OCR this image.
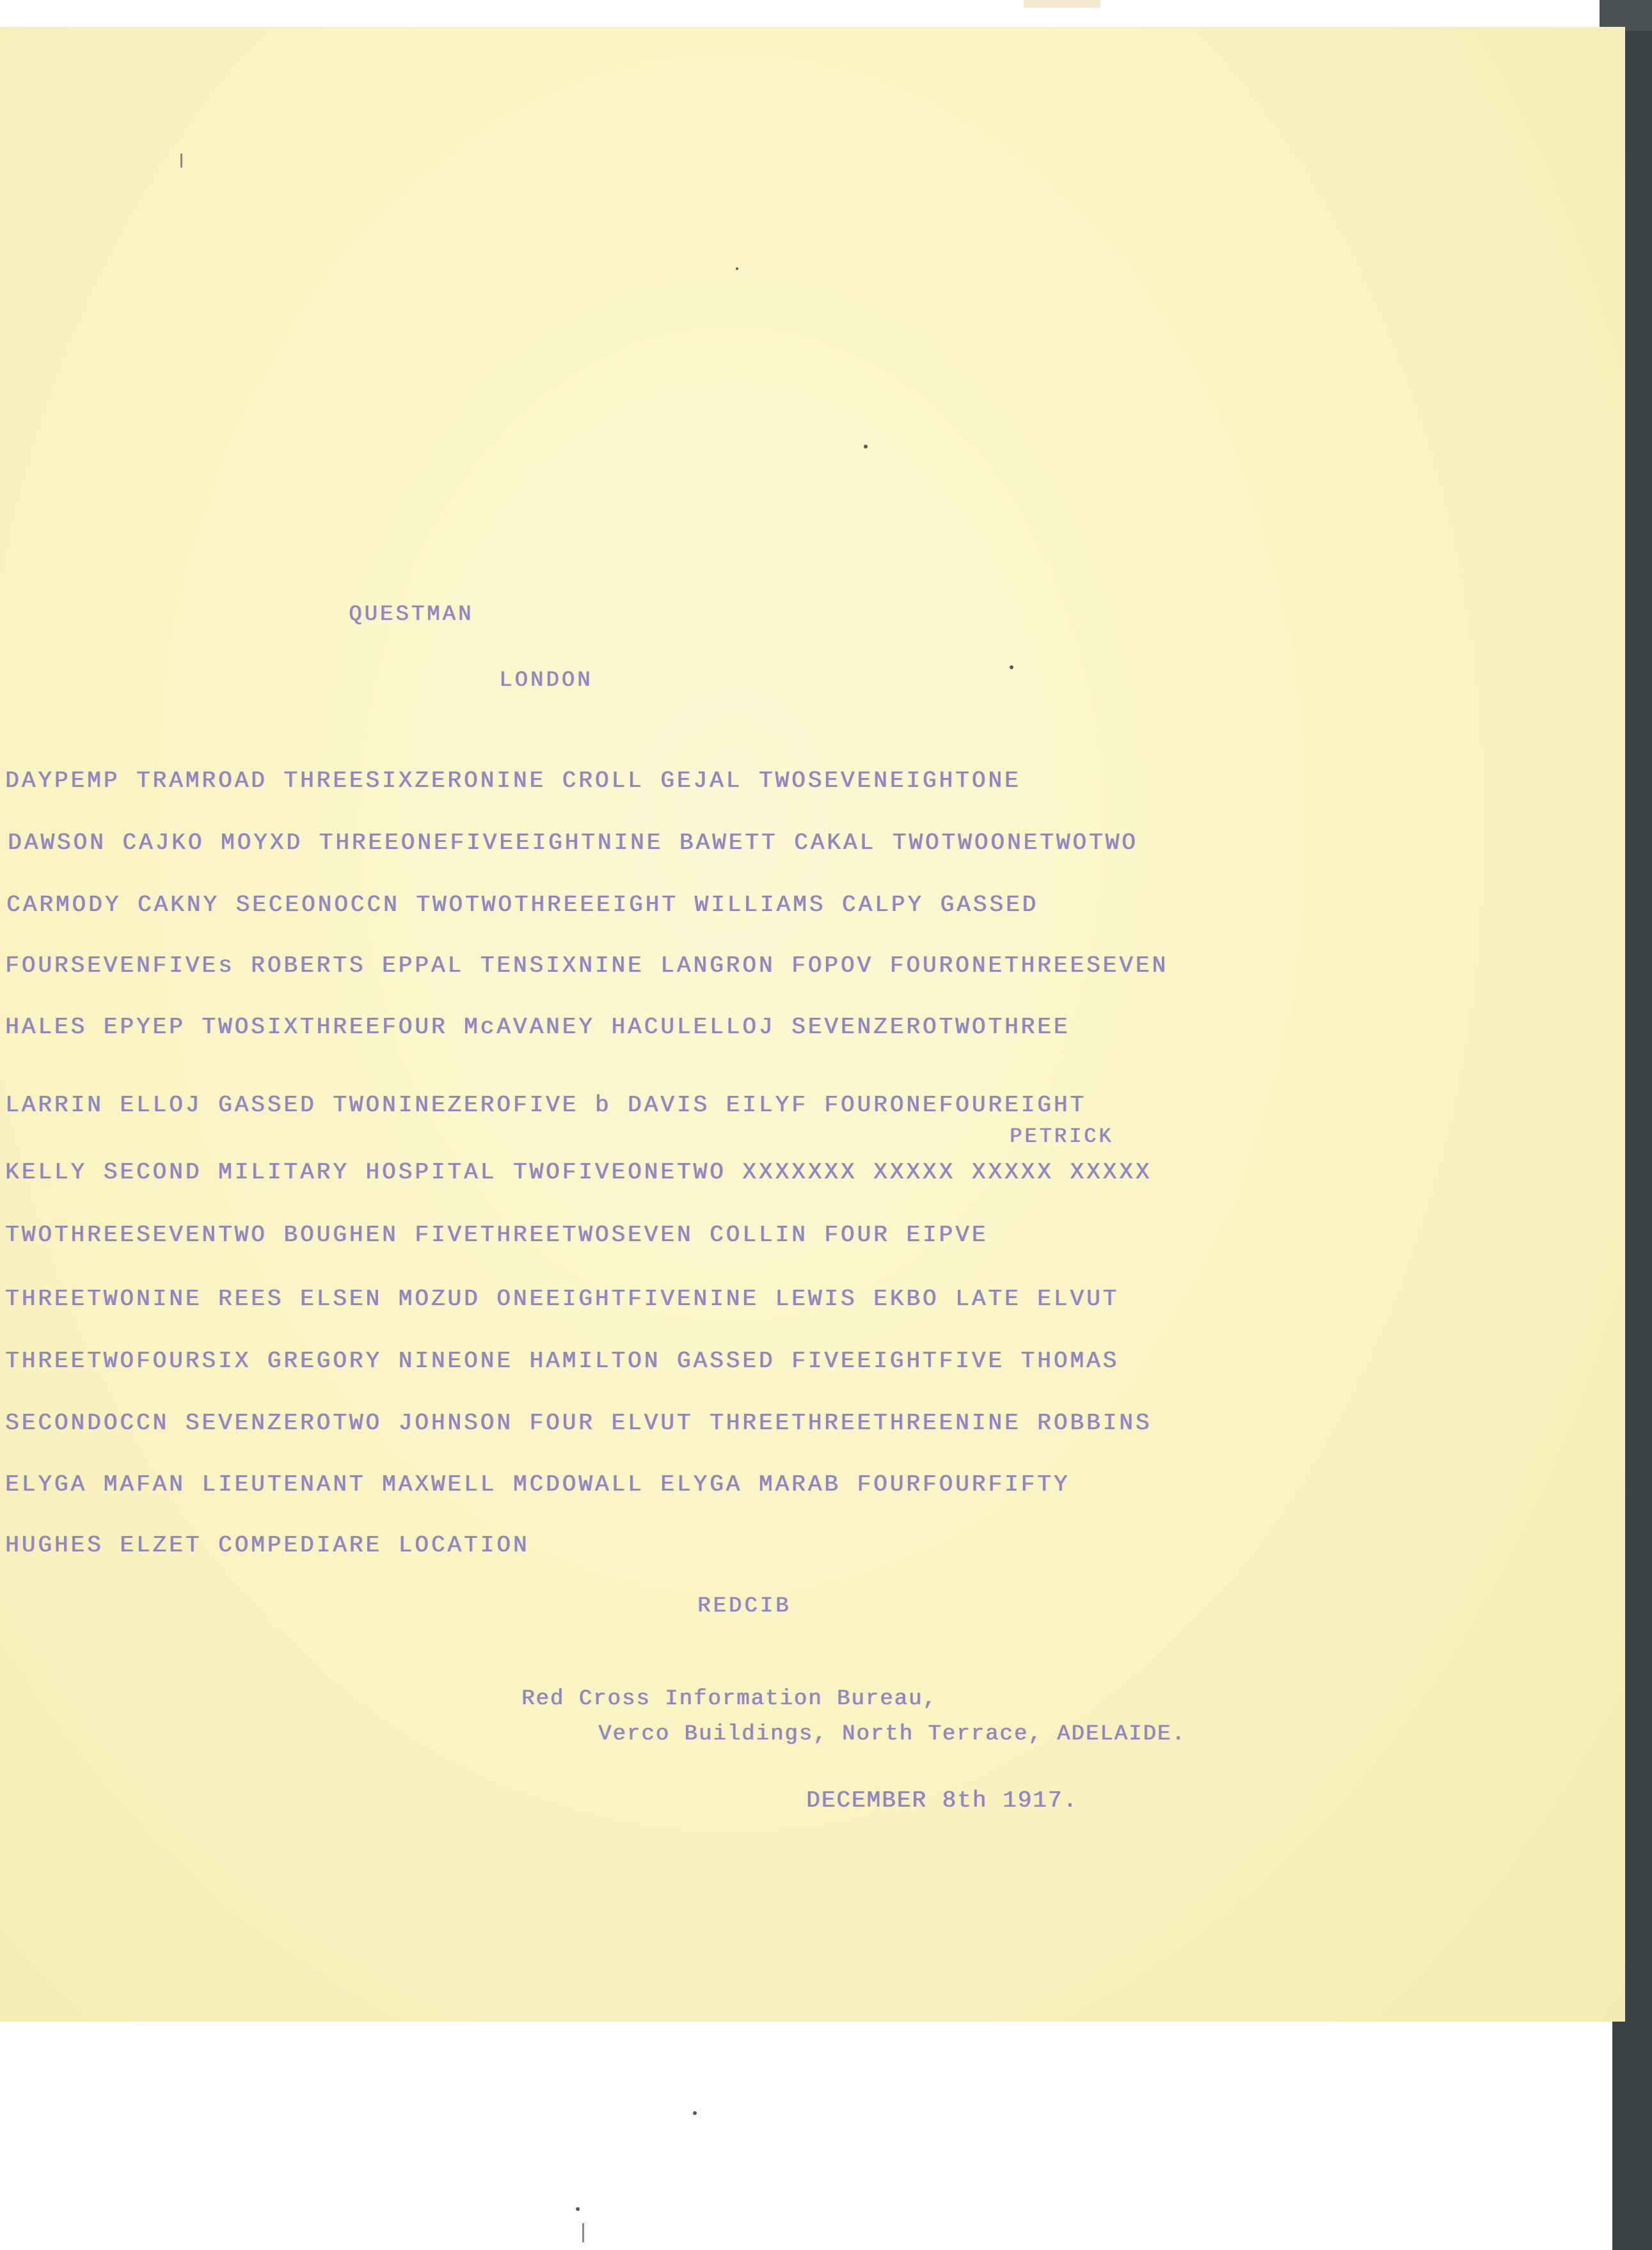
QUESTMAN
LONDON
DAYPEMP TRAMROAD THREESIXZERONINE CROLL GEJAL TWOSEVENEIGHTONE
DAWSON CAJKO MOYXD THREEONEFIVEEIGHTNINE BAWETT CAKAL TWOTWOONETWOTWO
CARMODY CAKNY SECEONOCCN TWOTWOTHREEEIGHT WILLIAMS CALPY GASSED
FOURSEVENFIVEs ROBERTS EPPAL TENSIXNINE LANGRON FOPOV FOURONETHREESEVEN
HALES EPYEP TWOSIXTHREEFOUR McAVANEY HACULELLOJ SEVENZEROTWOTHREE
LARRIN ELLOJ GASSED TWONINEZEROFIVE b DAVIS EILYF FOURONEFOUREIGHT
PETRICK
KELLY SECOND MILITARY HOSPITAL TWOFIVEONETWO XXXXXXX XXXXX XXXXX XXXXX
TWOTHREESEVENTWO BOUGHEN FIVETHREETWOSEVEN COLLIN FOUR EIPVE
THREETWONINE REES ELSEN MOZUD ONEEIGHTFIVENINE LEWIS EKBO LATE ELVUT
THREETWOFOURSIX GREGORY NINEONE HAMILTON GASSED FIVEEIGHTFIVE THOMAS
SECONDOCCN SEVENZEROTWO JOHNSON FOUR ELVUT THREETHREETHREENINE ROBBINS
ELYGA MAFAN LIEUTENANT MAXWELL MCDOWALL ELYGA MARAB FOURFOURFIFTY
HUGHES ELZET COMPEDIARE LOCATION
REDCIB
Red Cross Information Bureau,
Verco Buildings, North Terrace, ADELAIDE.
DECEMBER 8th 1917.
